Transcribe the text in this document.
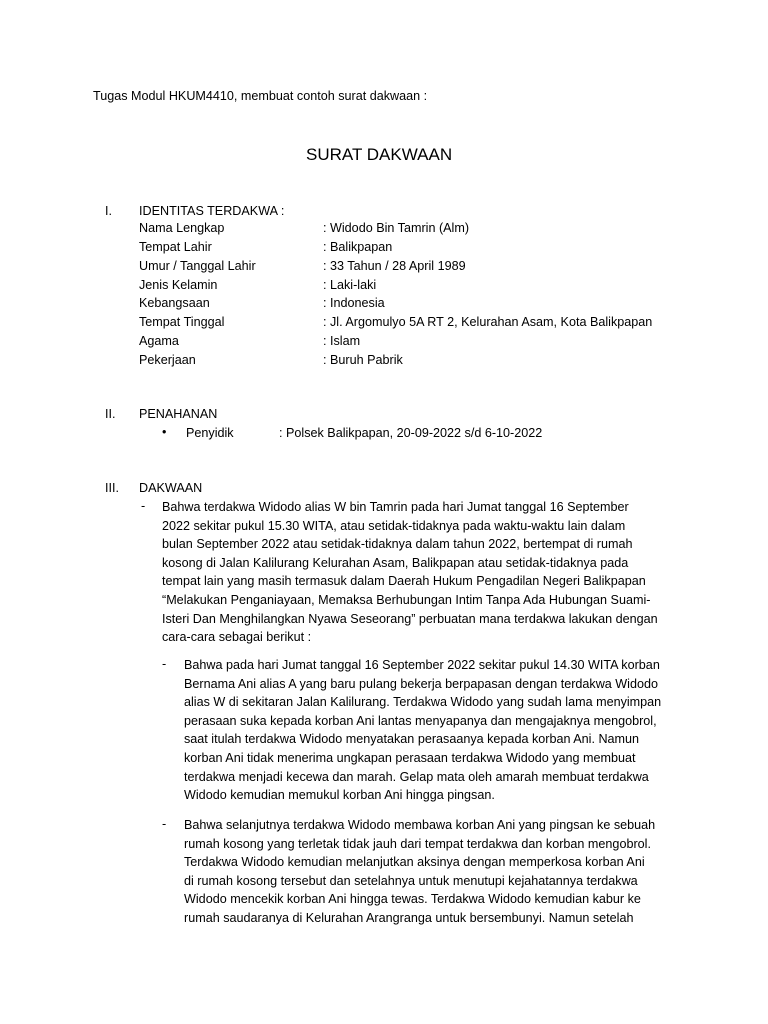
Tugas Modul HKUM4410, membuat contoh surat dakwaan :
SURAT DAKWAAN
I. IDENTITAS TERDAKWA :
Nama Lengkap	: Widodo Bin Tamrin (Alm)
Tempat Lahir	: Balikpapan
Umur / Tanggal Lahir	: 33 Tahun / 28 April 1989
Jenis Kelamin	: Laki-laki
Kebangsaan	: Indonesia
Tempat Tinggal	: Jl. Argomulyo 5A RT 2, Kelurahan Asam, Kota Balikpapan
Agama	: Islam
Pekerjaan	: Buruh Pabrik
II. PENAHANAN
• Penyidik	: Polsek Balikpapan, 20-09-2022 s/d 6-10-2022
III. DAKWAAN
- Bahwa terdakwa Widodo alias W bin Tamrin pada hari Jumat tanggal 16 September
2022 sekitar pukul 15.30 WITA, atau setidak-tidaknya pada waktu-waktu lain dalam
bulan September 2022 atau setidak-tidaknya dalam tahun 2022, bertempat di rumah
kosong di Jalan Kalilurang Kelurahan Asam, Balikpapan atau setidak-tidaknya pada
tempat lain yang masih termasuk dalam Daerah Hukum Pengadilan Negeri Balikpapan
“Melakukan Penganiayaan, Memaksa Berhubungan Intim Tanpa Ada Hubungan Suami-
Isteri Dan Menghilangkan Nyawa Seseorang” perbuatan mana terdakwa lakukan dengan
cara-cara sebagai berikut :
- Bahwa pada hari Jumat tanggal 16 September 2022 sekitar pukul 14.30 WITA korban
Bernama Ani alias A yang baru pulang bekerja berpapasan dengan terdakwa Widodo
alias W di sekitaran Jalan Kalilurang. Terdakwa Widodo yang sudah lama menyimpan
perasaan suka kepada korban Ani lantas menyapanya dan mengajaknya mengobrol,
saat itulah terdakwa Widodo menyatakan perasaanya kepada korban Ani. Namun
korban Ani tidak menerima ungkapan perasaan terdakwa Widodo yang membuat
terdakwa menjadi kecewa dan marah. Gelap mata oleh amarah membuat terdakwa
Widodo kemudian memukul korban Ani hingga pingsan.
- Bahwa selanjutnya terdakwa Widodo membawa korban Ani yang pingsan ke sebuah
rumah kosong yang terletak tidak jauh dari tempat terdakwa dan korban mengobrol.
Terdakwa Widodo kemudian melanjutkan aksinya dengan memperkosa korban Ani
di rumah kosong tersebut dan setelahnya untuk menutupi kejahatannya terdakwa
Widodo mencekik korban Ani hingga tewas. Terdakwa Widodo kemudian kabur ke
rumah saudaranya di Kelurahan Arangranga untuk bersembunyi. Namun setelah
